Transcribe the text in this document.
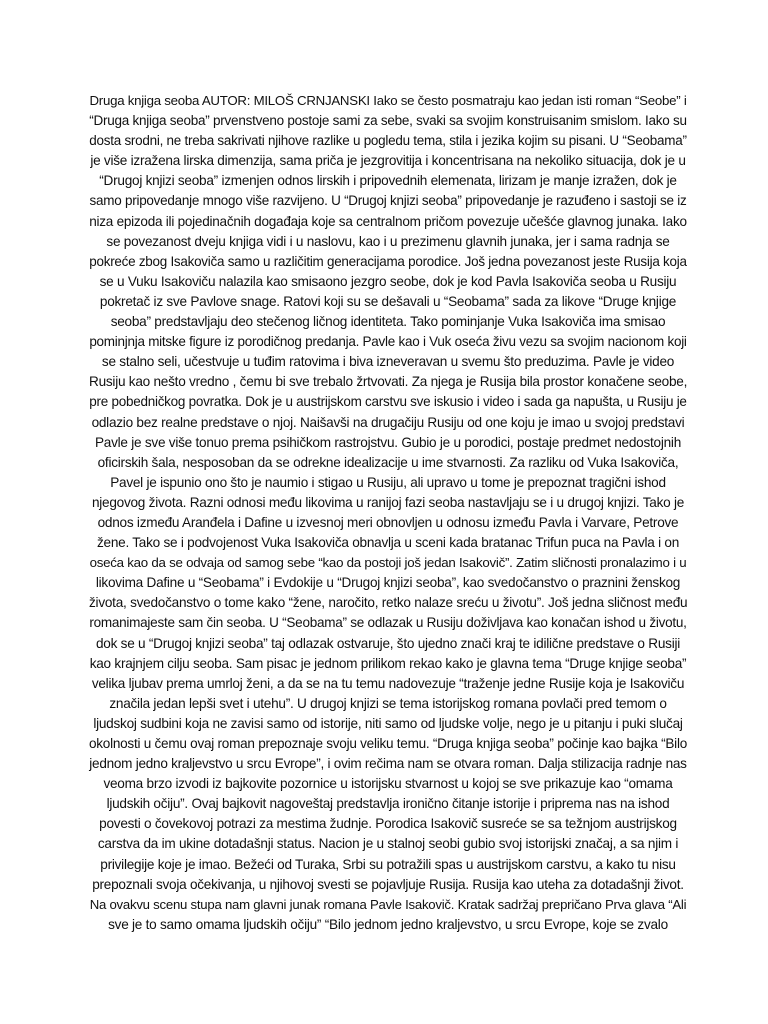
Druga knjiga seoba AUTOR: MILOŠ CRNJANSKI Iako se često posmatraju kao jedan isti roman “Seobe” i
“Druga knjiga seoba” prvenstveno postoje sami za sebe, svaki sa svojim konstruisanim smislom. Iako su
dosta srodni, ne treba sakrivati njihove razlike u pogledu tema, stila i jezika kojim su pisani. U “Seobama”
je više izražena lirska dimenzija, sama priča je jezgrovitija i koncentrisana na nekoliko situacija, dok je u
“Drugoj knjizi seoba” izmenjen odnos lirskih i pripovednih elemenata, lirizam je manje izražen, dok je
samo pripovedanje mnogo više razvijeno. U “Drugoj knjizi seoba” pripovedanje je razuđeno i sastoji se iz
niza epizoda ili pojedinačnih događaja koje sa centralnom pričom povezuje učešće glavnog junaka. Iako
se povezanost dveju knjiga vidi i u naslovu, kao i u prezimenu glavnih junaka, jer i sama radnja se
pokreće zbog Isakoviča samo u različitim generacijama porodice. Još jedna povezanost jeste Rusija koja
se u Vuku Isakoviču nalazila kao smisaono jezgro seobe, dok je kod Pavla Isakoviča seoba u Rusiju
pokretač iz sve Pavlove snage. Ratovi koji su se dešavali u “Seobama” sada za likove “Druge knjige
seoba” predstavljaju deo stečenog ličnog identiteta. Tako pominjanje Vuka Isakoviča ima smisao
pominjnja mitske figure iz porodičnog predanja. Pavle kao i Vuk oseća živu vezu sa svojim nacionom koji
se stalno seli, učestvuje u tuđim ratovima i biva izneveravan u svemu što preduzima. Pavle je video
Rusiju kao nešto vredno , čemu bi sve trebalo žrtvovati. Za njega je Rusija bila prostor konačene seobe,
pre pobedničkog povratka. Dok je u austrijskom carstvu sve iskusio i video i sada ga napušta, u Rusiju je
odlazio bez realne predstave o njoj. Naišavši na drugačiju Rusiju od one koju je imao u svojoj predstavi
Pavle je sve više tonuo prema psihičkom rastrojstvu. Gubio je u porodici, postaje predmet nedostojnih
oficirskih šala, nesposoban da se odrekne idealizacije u ime stvarnosti. Za razliku od Vuka Isakoviča,
Pavel je ispunio ono što je naumio i stigao u Rusiju, ali upravo u tome je prepoznat tragični ishod
njegovog života. Razni odnosi među likovima u ranijoj fazi seoba nastavljaju se i u drugoj knjizi. Tako je
odnos između Aranđela i Dafine u izvesnoj meri obnovljen u odnosu između Pavla i Varvare, Petrove
žene. Tako se i podvojenost Vuka Isakoviča obnavlja u sceni kada bratanac Trifun puca na Pavla i on
oseća kao da se odvaja od samog sebe “kao da postoji još jedan Isakovič”. Zatim sličnosti pronalazimo i u
likovima Dafine u “Seobama” i Evdokije u “Drugoj knjizi seoba”, kao svedočanstvo o praznini ženskog
života, svedočanstvo o tome kako “žene, naročito, retko nalaze sreću u životu”. Još jedna sličnost među
romanimajeste sam čin seoba. U “Seobama” se odlazak u Rusiju doživljava kao konačan ishod u životu,
dok se u “Drugoj knjizi seoba” taj odlazak ostvaruje, što ujedno znači kraj te idilične predstave o Rusiji
kao krajnjem cilju seoba. Sam pisac je jednom prilikom rekao kako je glavna tema “Druge knjige seoba”
velika ljubav prema umrloj ženi, a da se na tu temu nadovezuje “traženje jedne Rusije koja je Isakoviču
značila jedan lepši svet i utehu”. U drugoj knjizi se tema istorijskog romana povlači pred temom o
ljudskoj sudbini koja ne zavisi samo od istorije, niti samo od ljudske volje, nego je u pitanju i puki slučaj
okolnosti u čemu ovaj roman prepoznaje svoju veliku temu. “Druga knjiga seoba” počinje kao bajka “Bilo
jednom jedno kraljevstvo u srcu Evrope”, i ovim rečima nam se otvara roman. Dalja stilizacija radnje nas
veoma brzo izvodi iz bajkovite pozornice u istorijsku stvarnost u kojoj se sve prikazuje kao “omama
ljudskih očiju”. Ovaj bajkovit nagoveštaj predstavlja ironično čitanje istorije i priprema nas na ishod
povesti o čovekovoj potrazi za mestima žudnje. Porodica Isakovič susreće se sa težnjom austrijskog
carstva da im ukine dotadašnji status. Nacion je u stalnoj seobi gubio svoj istorijski značaj, a sa njim i
privilegije koje je imao. Bežeći od Turaka, Srbi su potražili spas u austrijskom carstvu, a kako tu nisu
prepoznali svoja očekivanja, u njihovoj svesti se pojavljuje Rusija. Rusija kao uteha za dotadašnji život.
Na ovakvu scenu stupa nam glavni junak romana Pavle Isakovič. Kratak sadržaj prepričano Prva glava “Ali
sve je to samo omama ljudskih očiju” “Bilo jednom jedno kraljevstvo, u srcu Evrope, koje se zvalo
